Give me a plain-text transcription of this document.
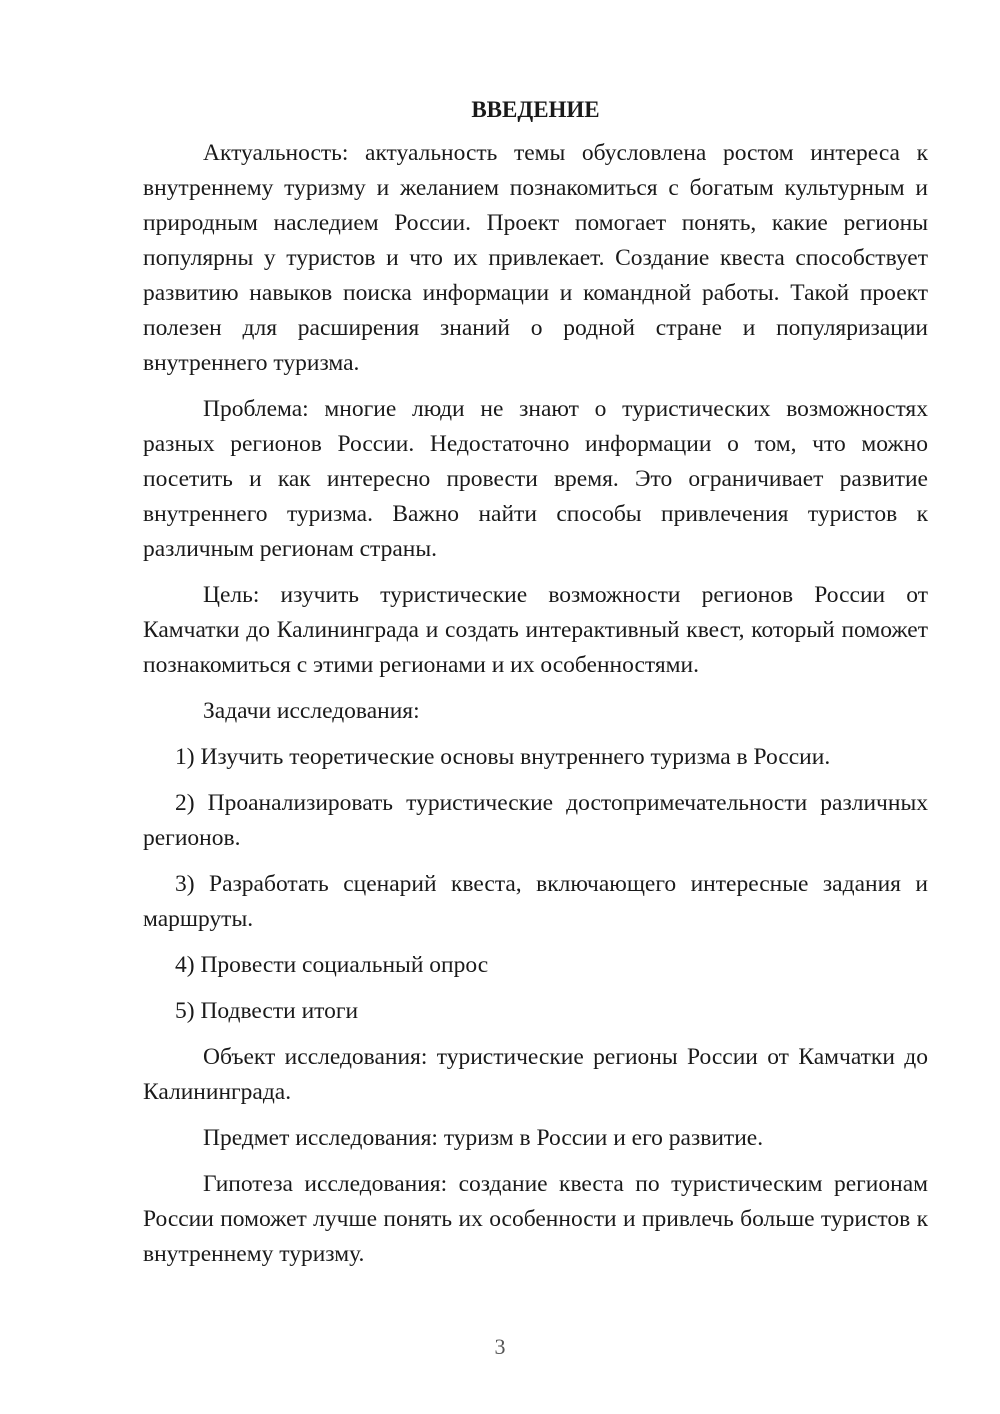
ВВЕДЕНИЕ

Актуальность: актуальность темы обусловлена ростом интереса к внутреннему туризму и желанием познакомиться с богатым культурным и природным наследием России. Проект помогает понять, какие регионы популярны у туристов и что их привлекает. Создание квеста способствует развитию навыков поиска информации и командной работы. Такой проект полезен для расширения знаний о родной стране и популяризации внутреннего туризма.

Проблема: многие люди не знают о туристических возможностях разных регионов России. Недостаточно информации о том, что можно посетить и как интересно провести время. Это ограничивает развитие внутреннего туризма. Важно найти способы привлечения туристов к различным регионам страны.

Цель: изучить туристические возможности регионов России от Камчатки до Калининграда и создать интерактивный квест, который поможет познакомиться с этими регионами и их особенностями.

Задачи исследования:

1) Изучить теоретические основы внутреннего туризма в России.

2) Проанализировать туристические достопримечательности различных регионов.

3) Разработать сценарий квеста, включающего интересные задания и маршруты.

4) Провести социальный опрос

5) Подвести итоги

Объект исследования: туристические регионы России от Камчатки до Калининграда.

Предмет исследования: туризм в России и его развитие.

Гипотеза исследования: создание квеста по туристическим регионам России поможет лучше понять их особенности и привлечь больше туристов к внутреннему туризму.

3
